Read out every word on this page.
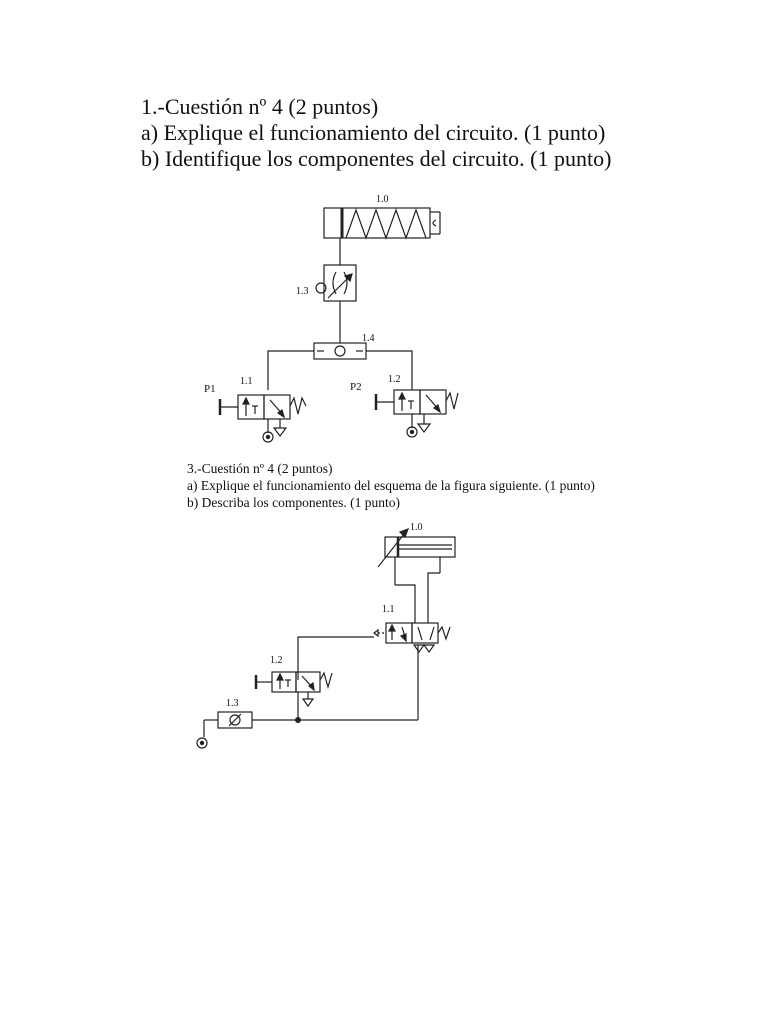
1.-Cuestión nº 4 (2 puntos)
a) Explique el funcionamiento del circuito. (1 punto)
b) Identifique los componentes del circuito. (1 punto)
1.0
1.3
1.4
1.1	1.2
P1	P2
3.-Cuestión nº 4 (2 puntos)
a) Explique el funcionamiento del esquema de la figura siguiente. (1 punto)
b) Describa los componentes. (1 punto)
1.0
1.1
1.2
1.3
